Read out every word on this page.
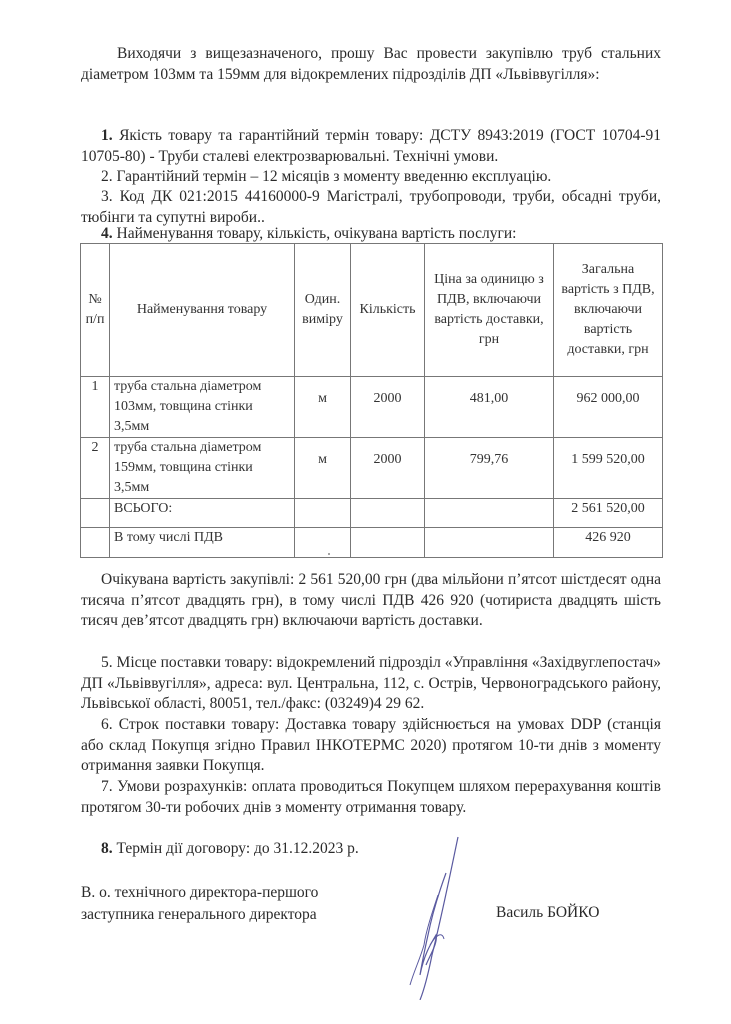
Виходячи з вищезазначеного, прошу Вас провести закупівлю труб стальних діаметром 103мм та 159мм для відокремлених підрозділів ДП «Львіввугілля»:

1. Якість товару та гарантійний термін товару: ДСТУ 8943:2019 (ГОСТ 10704-91 10705-80) - Труби сталеві електрозварювальні. Технічні умови.

2. Гарантійний термін – 12 місяців з моменту введенню експлуацію.

3. Код ДК 021:2015 44160000-9 Магістралі, трубопроводи, труби, обсадні труби, тюбінги та супутні вироби..

4. Найменування товару, кількість, очікувана вартість послуги:

№ п/п	Найменування товару	Один. виміру	Кількість	Ціна за одиницю з ПДВ, включаючи вартість доставки, грн	Загальна вартість з ПДВ, включаючи вартість доставки, грн
1	труба стальна діаметром 103мм, товщина стінки 3,5мм	м	2000	481,00	962 000,00
2	труба стальна діаметром 159мм, товщина стінки 3,5мм	м	2000	799,76	1 599 520,00
	ВСЬОГО:				2 561 520,00
	В тому числі ПДВ				426 920

Очікувана вартість закупівлі: 2 561 520,00 грн (два мільйони п’ятсот шістдесят одна тисяча п’ятсот двадцять грн), в тому числі ПДВ 426 920 (чотириста двадцять шість тисяч дев’ятсот двадцять грн) включаючи вартість доставки.

5. Місце поставки товару: відокремлений підрозділ «Управління «Західвуглепостач» ДП «Львіввугілля», адреса: вул. Центральна, 112, с. Острів, Червоноградського району, Львівської області, 80051, тел./факс: (03249)4 29 62.

6. Строк поставки товару: Доставка товару здійснюється на умовах DDP (станція або склад Покупця згідно Правил ІНКОТЕРМС 2020) протягом 10-ти днів з моменту отримання заявки Покупця.

7. Умови розрахунків: оплата проводиться Покупцем шляхом перерахування коштів протягом 30-ти робочих днів з моменту отримання товару.

8. Термін дії договору: до 31.12.2023 р.

В. о. технічного директора-першого
заступника генерального директора	Василь БОЙКО
